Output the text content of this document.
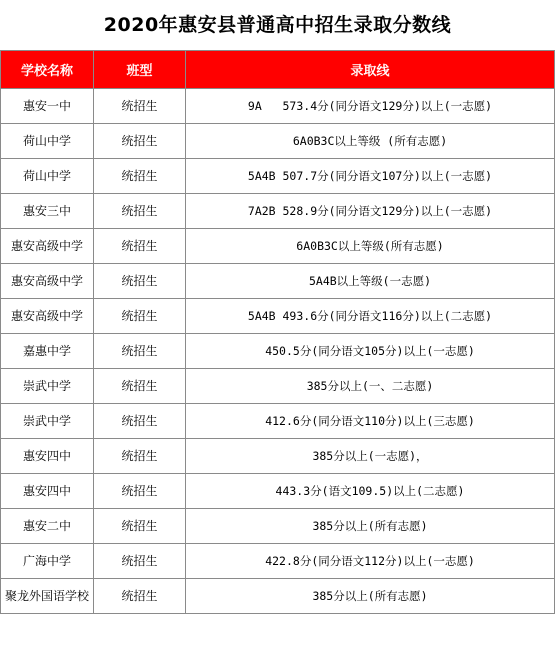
2020年惠安县普通高中招生录取分数线
学校名称	班型	录取线
惠安一中	统招生	9A   573.4分(同分语文129分)以上(一志愿)
荷山中学	统招生	6A0B3C以上等级 (所有志愿)
荷山中学	统招生	5A4B 507.7分(同分语文107分)以上(一志愿)
惠安三中	统招生	7A2B 528.9分(同分语文129分)以上(一志愿)
惠安高级中学	统招生	6A0B3C以上等级(所有志愿)
惠安高级中学	统招生	5A4B以上等级(一志愿)
惠安高级中学	统招生	5A4B 493.6分(同分语文116分)以上(二志愿)
嘉惠中学	统招生	450.5分(同分语文105分)以上(一志愿)
崇武中学	统招生	385分以上(一、二志愿)
崇武中学	统招生	412.6分(同分语文110分)以上(三志愿)
惠安四中	统招生	385分以上(一志愿)，
惠安四中	统招生	443.3分(语文109.5)以上(二志愿)
惠安二中	统招生	385分以上(所有志愿)
广海中学	统招生	422.8分(同分语文112分)以上(一志愿)
聚龙外国语学校	统招生	385分以上(所有志愿)
